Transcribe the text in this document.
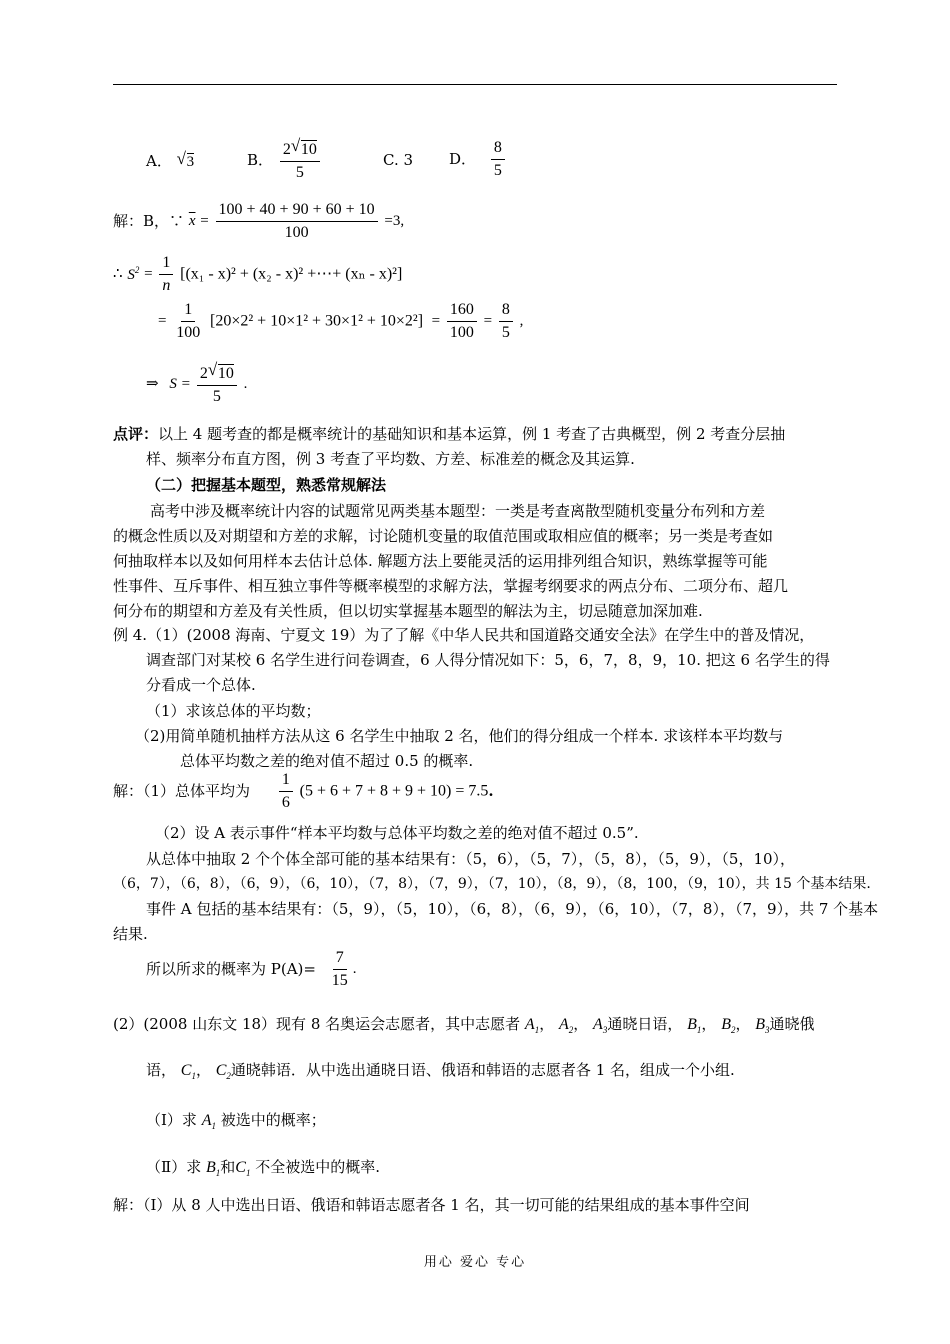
A． √ 3	B． $\frac{2 √ 10}{5}$	C. 3 D． $\frac{8}{5}$
解：B，∵ $\overline{x} = \frac{100 + 40 + 90 + 60 + 10}{100} =3$,
∴ $S^2 = \frac{1}{n} [(x_1 - x)^2 + (x_2 - x)^2$ +⋯+ (xₙ - x)²]
= $\frac{1}{100} [20\times 2^2 + 10\times 1^2 + 30\times 1^2 + 10\times 2^2] = \frac{160}{100} = \frac{8}{5}$ ,
⇒ $S = \frac{2 √ 10}{5}$ .
点评：以上 4 题考查的都是概率统计的基础知识和基本运算，例 1 考查了古典概型，例 2 考查分层抽
样、频率分布直方图，例 3 考查了平均数、方差、标准差的概念及其运算.
（二）把握基本题型，熟悉常规解法
高考中涉及概率统计内容的试题常见两类基本题型：一类是考查离散型随机变量分布列和方差
的概念性质以及对期望和方差的求解，讨论随机变量的取值范围或取相应值的概率；另一类是考查如
何抽取样本以及如何用样本去估计总体. 解题方法上要能灵活的运用排列组合知识，熟练掌握等可能
性事件、互斥事件、相互独立事件等概率模型的求解方法，掌握考纲要求的两点分布、二项分布、超几
何分布的期望和方差及有关性质，但以切实掌握基本题型的解法为主，切忌随意加深加难.
例 4.（1）(2008 海南、宁夏文 19）为了了解《中华人民共和国道路交通安全法》在学生中的普及情况，
调查部门对某校 6 名学生进行问卷调查，6 人得分情况如下：5，6，7，8，9，10. 把这 6 名学生的得
分看成一个总体.
（1）求该总体的平均数；
（2)用简单随机抽样方法从这 6 名学生中抽取 2 名，他们的得分组成一个样本. 求该样本平均数与
总体平均数之差的绝对值不超过 0.5 的概率.
解：（1）总体平均为 $\frac{1}{6} (5 + 6 + 7 + 8 + 9 + 10) = 7.5$.
（2）设 A 表示事件“样本平均数与总体平均数之差的绝对值不超过 0.5”.
从总体中抽取 2 个个体全部可能的基本结果有：（5，6），（5，7），（5，8），（5，9），（5，10），
（6，7），（6，8），（6，9），（6，10），（7，8），（7，9），（7，10），（8，9），（8，100，（9，10），共 15 个基本结果.
事件 A 包括的基本结果有：（5，9），（5，10），（6，8），（6，9），（6，10），（7，8），（7，9），共 7 个基本
结果.
所以所求的概率为 $P(A)= \frac{7}{15}$ .
(2）(2008 山东文 18）现有 8 名奥运会志愿者，其中志愿者 $A_1$， $A_2$， $A_3$通晓日语， $B_1$， $B_2$， $B_3$通晓俄
语， $C_1$， $C_2$通晓韩语．从中选出通晓日语、俄语和韩语的志愿者各 1 名，组成一个小组.
（Ⅰ）求 $A_1$ 被选中的概率；
（Ⅱ）求 $B_1$和$C_1$ 不全被选中的概率.
解：（Ⅰ）从 8 人中选出日语、俄语和韩语志愿者各 1 名，其一切可能的结果组成的基本事件空间
用心 爱心 专心
